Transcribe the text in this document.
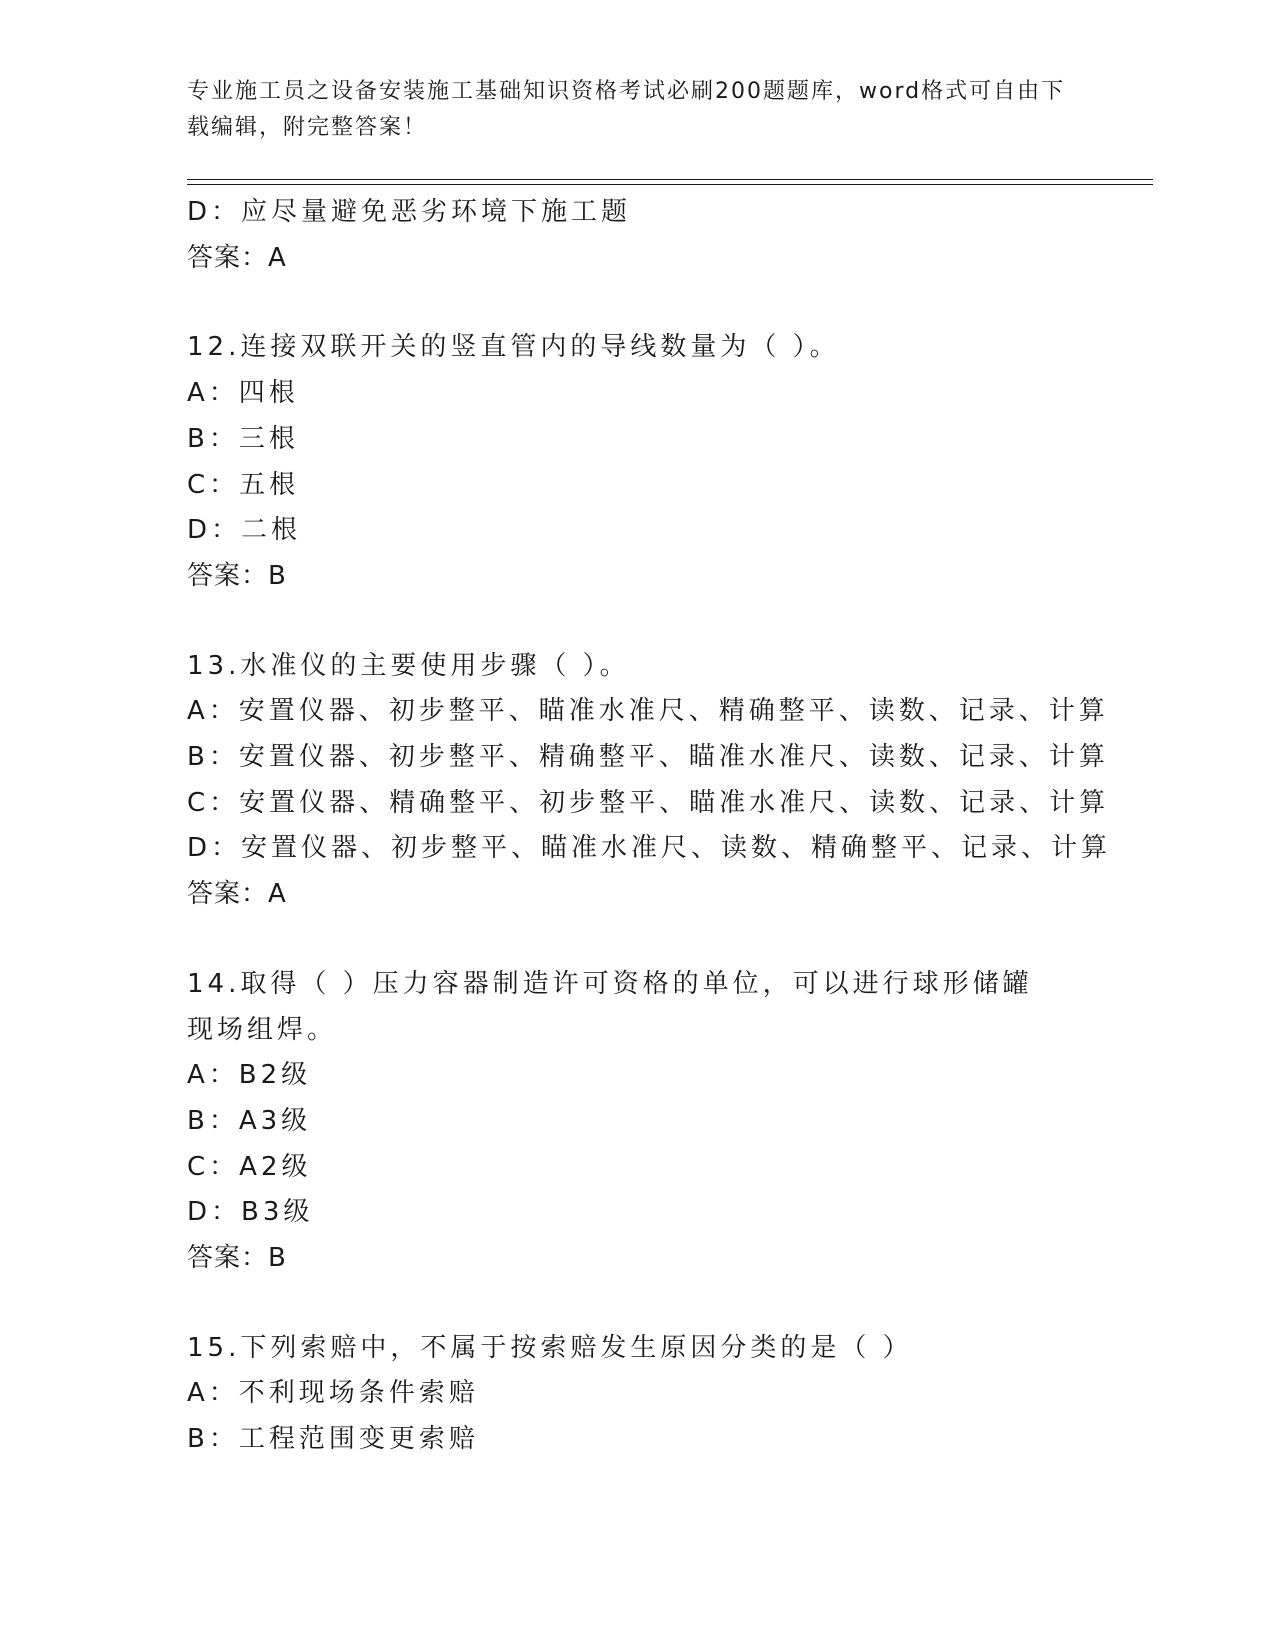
专业施工员之设备安装施工基础知识资格考试必刷200题题库，word格式可自由下载编辑，附完整答案！
D：应尽量避免恶劣环境下施工题
答案：A
12.连接双联开关的竖直管内的导线数量为（ ）。
A：四根
B：三根
C：五根
D：二根
答案：B
13.水准仪的主要使用步骤（ ）。
A：安置仪器、初步整平、瞄准水准尺、精确整平、读数、记录、计算
B：安置仪器、初步整平、精确整平、瞄准水准尺、读数、记录、计算
C：安置仪器、精确整平、初步整平、瞄准水准尺、读数、记录、计算
D：安置仪器、初步整平、瞄准水准尺、读数、精确整平、记录、计算
答案：A
14.取得（ ）压力容器制造许可资格的单位，可以进行球形储罐现场组焊。
A：B2级
B：A3级
C：A2级
D：B3级
答案：B
15.下列索赔中，不属于按索赔发生原因分类的是（ ）
A：不利现场条件索赔
B：工程范围变更索赔
